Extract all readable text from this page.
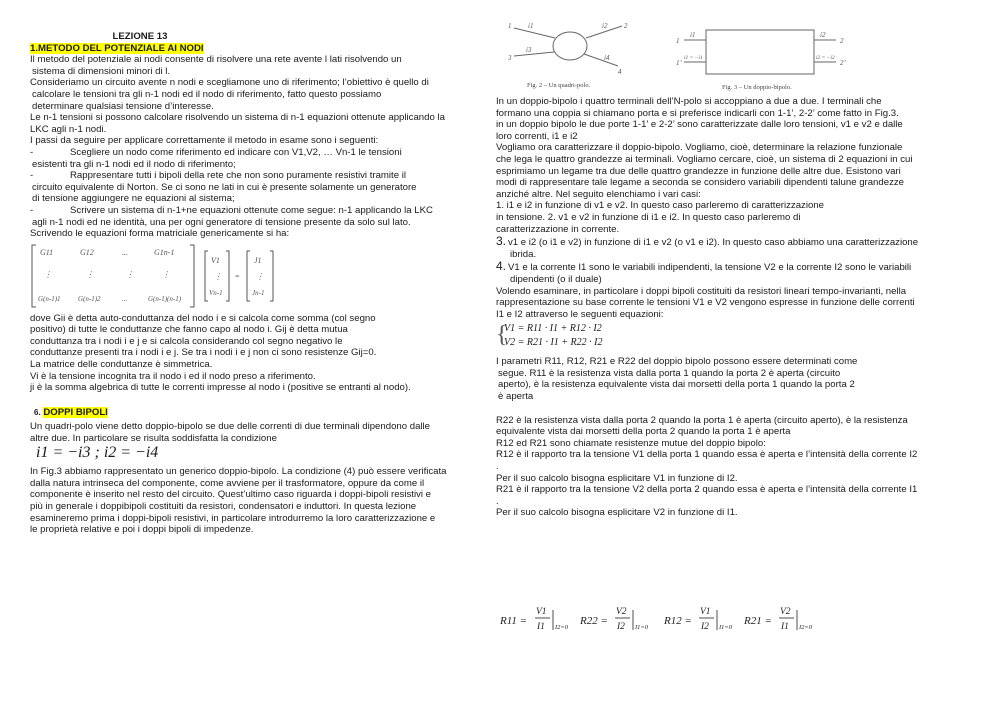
LEZIONE 13

1.METODO DEL POTENZIALE AI NODI

Il metodo del potenziale ai nodi consente di risolvere una rete avente l lati risolvendo un

sistema di dimensioni minori di l.

Consideriamo un circuito avente n nodi e scegliamone uno di riferimento; l’obiettivo è quello di

calcolare le tensioni tra gli n-1 nodi ed il nodo di riferimento, fatto questo possiamo

determinare qualsiasi tensione d’interesse.

Le n-1 tensioni si possono calcolare risolvendo un sistema di n-1 equazioni ottenute applicando la

LKC agli n-1 nodi.

I passi da seguire per applicare correttamente il metodo in esame sono i seguenti:

-	Scegliere un nodo come riferimento ed indicare con V1,V2, … Vn-1 le tensioni

esistenti tra gli n-1 nodi ed il nodo di riferimento;

-	Rappresentare tutti i bipoli della rete che non sono puramente resistivi tramite il

circuito equivalente di Norton. Se ci sono ne lati in cui è presente solamente un generatore

di tensione aggiungere ne equazioni al sistema;

-	Scrivere un sistema di n-1+ne equazioni ottenute come segue: n-1 applicando la LKC

agli n-1 nodi ed ne identità, una per ogni generatore di tensione presente da solo sul lato.

Scrivendo le equazioni forma matriciale genericamente si ha:

G11	G12	...	G1n-1
⋮	⋮	⋮	⋮
G(n-1)1 G(n-1)2	...	G(n-1)(n-1)
V1
⋮
Vn-1
=
J1
⋮
Jn-1

dove Gii è detta auto-conduttanza del nodo i e si calcola come somma (col segno

positivo) di tutte le conduttanze che fanno capo al nodo i. Gij è detta mutua

conduttanza tra i nodi i e j e si calcola considerando col segno negativo le

conduttanze presenti tra i nodi i e j. Se tra i nodi i e j non ci sono resistenze Gij=0.

La matrice delle conduttanze è simmetrica.

Vi è la tensione incognita tra il nodo i ed il nodo preso a riferimento.

ji è la somma algebrica di tutte le correnti impresse al nodo i (positive se entranti al nodo).

6. DOPPI BIPOLI

Un quadri-polo viene detto doppio-bipolo se due delle correnti di due terminali dipendono dalle

altre due. In particolare se risulta soddisfatta la condizione

i1 = −i3 ; i2 = −i4

In Fig.3 abbiamo rappresentato un generico doppio-bipolo. La condizione (4) può essere verificata

dalla natura intrinseca del componente, come avviene per il trasformatore, oppure da come il

componente è inserito nel resto del circuito. Quest’ultimo caso riguarda i doppi-bipoli resistivi e

più in generale i doppibipoli costituiti da resistori, condensatori e induttori. In questa lezione

esamineremo prima i doppi-bipoli resistivi, in particolare introdurremo la loro caratterizzazione e

le proprietà relative e poi i doppi bipoli di impedenze.

1	2
3
4
i1	i2
i3
i4
Fig. 2 – Un quadri-polo.
1
1’
2
2’
i1
i1 = −i1
i2
i2 = −i2
Fig. 3 – Un doppio-bipolo.

In un doppio-bipolo i quattro terminali dell’N-polo si accoppiano a due a due. I terminali che

formano una coppia si chiamano porta e si preferisce indicarli con 1-1’, 2-2’ come fatto in Fig.3.

in un doppio bipolo le due porte 1-1’ e 2-2’ sono caratterizzate dalle loro tensioni, v1 e v2 e dalle

loro correnti, i1 e i2

Vogliamo ora caratterizzare il doppio-bipolo. Vogliamo, cioè, determinare la relazione funzionale

che lega le quattro grandezze ai terminali. Vogliamo cercare, cioè, un sistema di 2 equazioni in cui

esprimiamo un legame tra due delle quattro grandezze in funzione delle altre due. Esistono vari

modi di rappresentare tale legame a seconda se considero variabili dipendenti talune grandezze

anziché altre. Nel seguito elenchiamo i vari casi:

1. i1 e i2 in funzione di v1 e v2. In questo caso parleremo di caratterizzazione

in tensione. 2. v1 e v2 in funzione di i1 e i2. In questo caso parleremo di

caratterizzazione in corrente.

3. v1 e i2 (o i1 e v2) in funzione di i1 e v2 (o v1 e i2). In questo caso abbiamo una caratterizzazione

ibrida.

4. V1 e la corrente I1 sono le variabili indipendenti, la tensione V2 e la corrente I2 sono le variabili

dipendenti (o il duale)

Volendo esaminare, in particolare i doppi bipoli costituiti da resistori lineari tempo-invarianti, nella

rappresentazione su base corrente le tensioni V1 e V2 vengono espresse in funzione delle correnti

I1 e I2 attraverso le seguenti equazioni:

{
V1 = R11 · I1 + R12 · I2
V2 = R21 · I1 + R22 · I2

I parametri R11, R12, R21 e R22 del doppio bipolo possono essere determinati come

segue. R11 è la resistenza vista dalla porta 1 quando la porta 2 è aperta (circuito

aperto), è la resistenza equivalente vista dai morsetti della porta 1 quando la porta 2

è aperta

R22 è la resistenza vista dalla porta 2 quando la porta 1 è aperta (circuito aperto), è la resistenza

equivalente vista dai morsetti della porta 2 quando la porta 1 è aperta

R12 ed R21 sono chiamate resistenze mutue del doppio bipolo:

R12 è il rapporto tra la tensione V1 della porta 1 quando essa è aperta e l’intensità della corrente I2

.

Per il suo calcolo bisogna esplicitare V1 in funzione di I2.

R21 è il rapporto tra la tensione V2 della porta 2 quando essa è aperta e l’intensità della corrente I1

.

Per il suo calcolo bisogna esplicitare V2 in funzione di I1.

R11 =
V1
I1 I2=0
R22 =
V2
I2 I1=0
R12 =
V1
I2 I1=0
R21 =
V2
I1 I2=0
